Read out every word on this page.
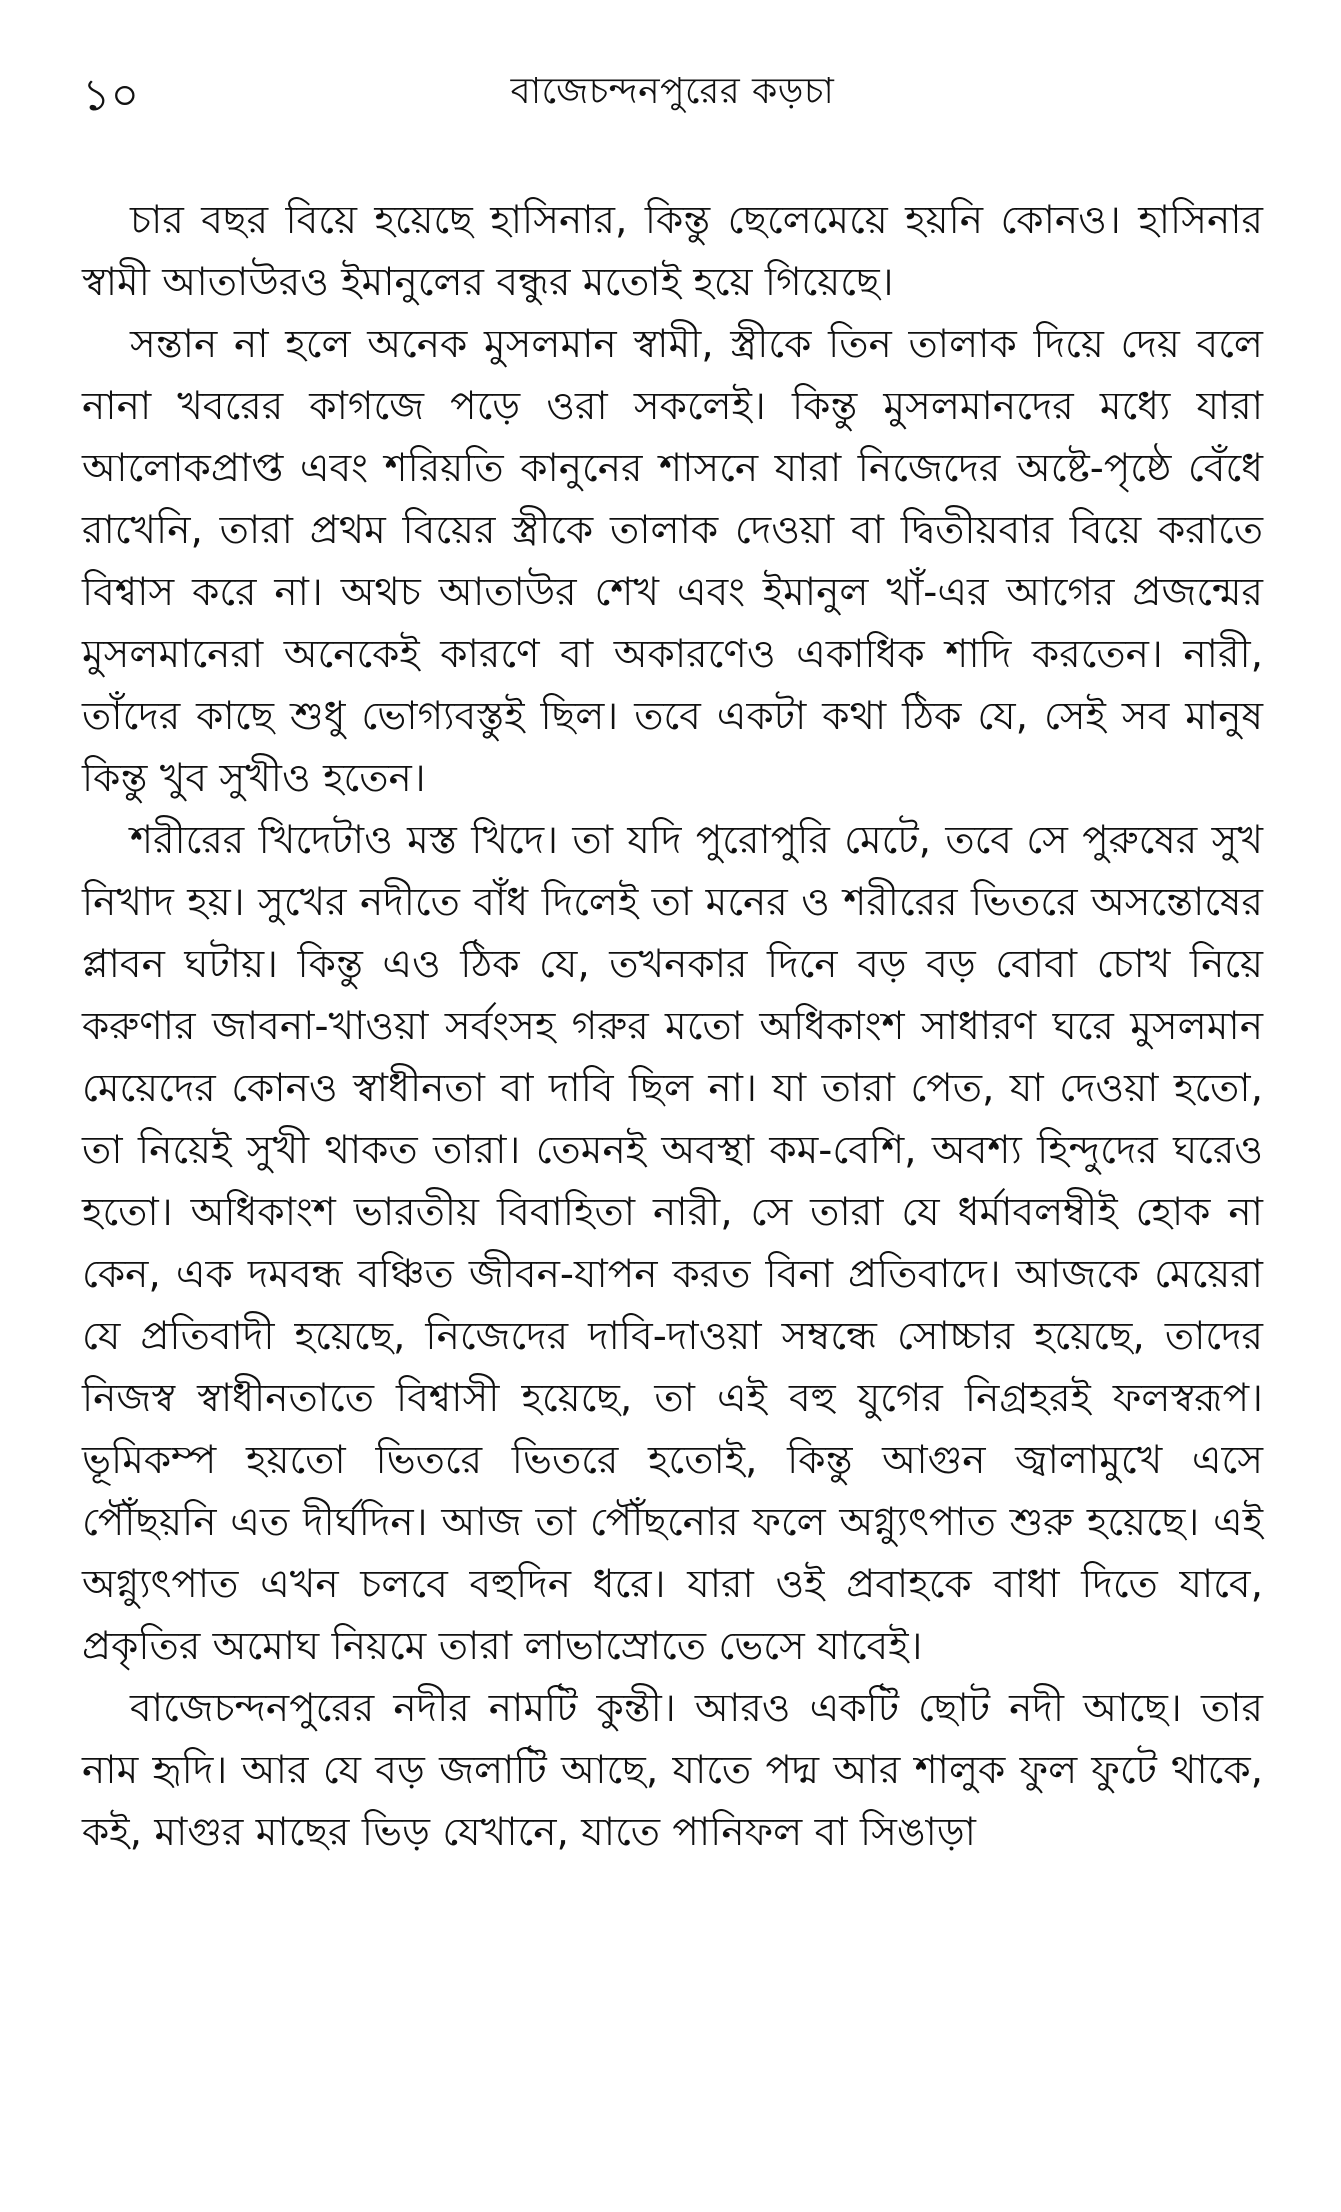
১০	বাজেচন্দনপুরের কড়চা

চার বছর বিয়ে হয়েছে হাসিনার, কিন্তু ছেলেমেয়ে হয়নি কোনও। হাসিনার স্বামী আতাউরও ইমানুলের বন্ধুর মতোই হয়ে গিয়েছে।

সন্তান না হলে অনেক মুসলমান স্বামী, স্ত্রীকে তিন তালাক দিয়ে দেয় বলে নানা খবরের কাগজে পড়ে ওরা সকলেই। কিন্তু মুসলমানদের মধ্যে যারা আলোকপ্রাপ্ত এবং শরিয়তি কানুনের শাসনে যারা নিজেদের অষ্টে-পৃষ্ঠে বেঁধে রাখেনি, তারা প্রথম বিয়ের স্ত্রীকে তালাক দেওয়া বা দ্বিতীয়বার বিয়ে করাতে বিশ্বাস করে না। অথচ আতাউর শেখ এবং ইমানুল খাঁ-এর আগের প্রজন্মের মুসলমানেরা অনেকেই কারণে বা অকারণেও একাধিক শাদি করতেন। নারী, তাঁদের কাছে শুধু ভোগ্যবস্তুই ছিল। তবে একটা কথা ঠিক যে, সেই সব মানুষ কিন্তু খুব সুখীও হতেন।

শরীরের খিদেটাও মস্ত খিদে। তা যদি পুরোপুরি মেটে, তবে সে পুরুষের সুখ নিখাদ হয়। সুখের নদীতে বাঁধ দিলেই তা মনের ও শরীরের ভিতরে অসন্তোষের প্লাবন ঘটায়। কিন্তু এও ঠিক যে, তখনকার দিনে বড় বড় বোবা চোখ নিয়ে করুণার জাবনা-খাওয়া সর্বংসহ গরুর মতো অধিকাংশ সাধারণ ঘরে মুসলমান মেয়েদের কোনও স্বাধীনতা বা দাবি ছিল না। যা তারা পেত, যা দেওয়া হতো, তা নিয়েই সুখী থাকত তারা। তেমনই অবস্থা কম-বেশি, অবশ্য হিন্দুদের ঘরেও হতো। অধিকাংশ ভারতীয় বিবাহিতা নারী, সে তারা যে ধর্মাবলম্বীই হোক না কেন, এক দমবন্ধ বঞ্চিত জীবন-যাপন করত বিনা প্রতিবাদে। আজকে মেয়েরা যে প্রতিবাদী হয়েছে, নিজেদের দাবি-দাওয়া সম্বন্ধে সোচ্চার হয়েছে, তাদের নিজস্ব স্বাধীনতাতে বিশ্বাসী হয়েছে, তা এই বহু যুগের নিগ্রহরই ফলস্বরূপ। ভূমিকম্প হয়তো ভিতরে ভিতরে হতোই, কিন্তু আগুন জ্বালামুখে এসে পৌঁছয়নি এত দীর্ঘদিন। আজ তা পৌঁছনোর ফলে অগ্ন্যুৎপাত শুরু হয়েছে। এই অগ্ন্যুৎপাত এখন চলবে বহুদিন ধরে। যারা ওই প্রবাহকে বাধা দিতে যাবে, প্রকৃতির অমোঘ নিয়মে তারা লাভাস্রোতে ভেসে যাবেই।

বাজেচন্দনপুরের নদীর নামটি কুন্তী। আরও একটি ছোট নদী আছে। তার নাম হৃদি। আর যে বড় জলাটি আছে, যাতে পদ্ম আর শালুক ফুল ফুটে থাকে, কই, মাগুর মাছের ভিড় যেখানে, যাতে পানিফল বা সিঙাড়া
